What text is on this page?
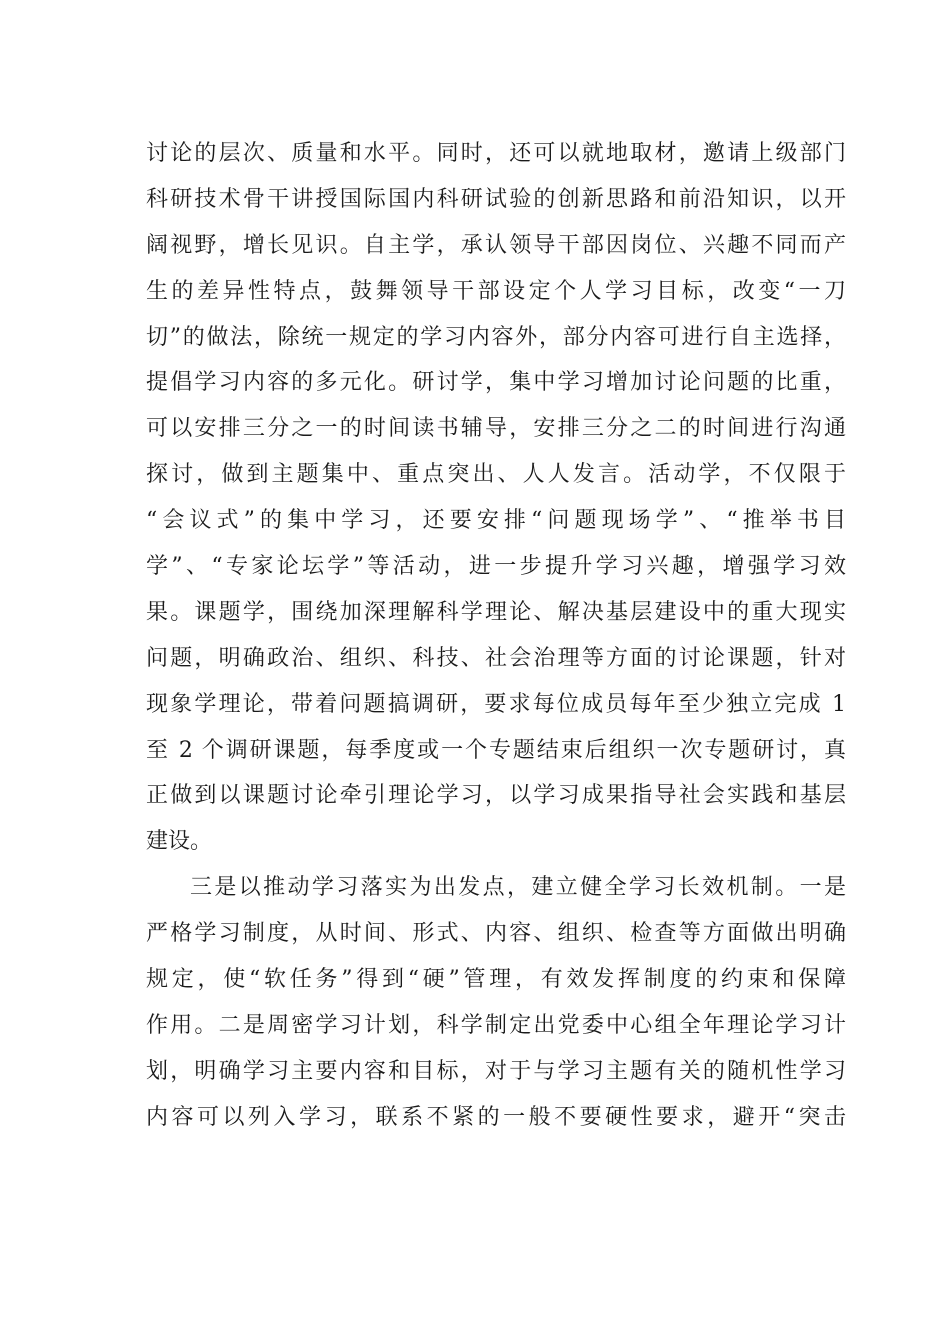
讨论的层次、质量和水平。同时，还可以就地取材，邀请上级部门
科研技术骨干讲授国际国内科研试验的创新思路和前沿知识，以开
阔视野，增长见识。自主学，承认领导干部因岗位、兴趣不同而产
生的差异性特点，鼓舞领导干部设定个人学习目标，改变“一刀
切”的做法，除统一规定的学习内容外，部分内容可进行自主选择，
提倡学习内容的多元化。研讨学，集中学习增加讨论问题的比重，
可以安排三分之一的时间读书辅导，安排三分之二的时间进行沟通
探讨，做到主题集中、重点突出、人人发言。活动学，不仅限于
“会议式”的集中学习，还要安排“问题现场学”、“推举书目
学”、“专家论坛学”等活动，进一步提升学习兴趣，增强学习效
果。课题学，围绕加深理解科学理论、解决基层建设中的重大现实
问题，明确政治、组织、科技、社会治理等方面的讨论课题，针对
现象学理论，带着问题搞调研，要求每位成员每年至少独立完成 1
至 2 个调研课题，每季度或一个专题结束后组织一次专题研讨，真
正做到以课题讨论牵引理论学习，以学习成果指导社会实践和基层
建设。
三是以推动学习落实为出发点，建立健全学习长效机制。一是
严格学习制度，从时间、形式、内容、组织、检查等方面做出明确
规定，使“软任务”得到“硬”管理，有效发挥制度的约束和保障
作用。二是周密学习计划，科学制定出党委中心组全年理论学习计
划，明确学习主要内容和目标，对于与学习主题有关的随机性学习
内容可以列入学习，联系不紧的一般不要硬性要求，避开“突击
